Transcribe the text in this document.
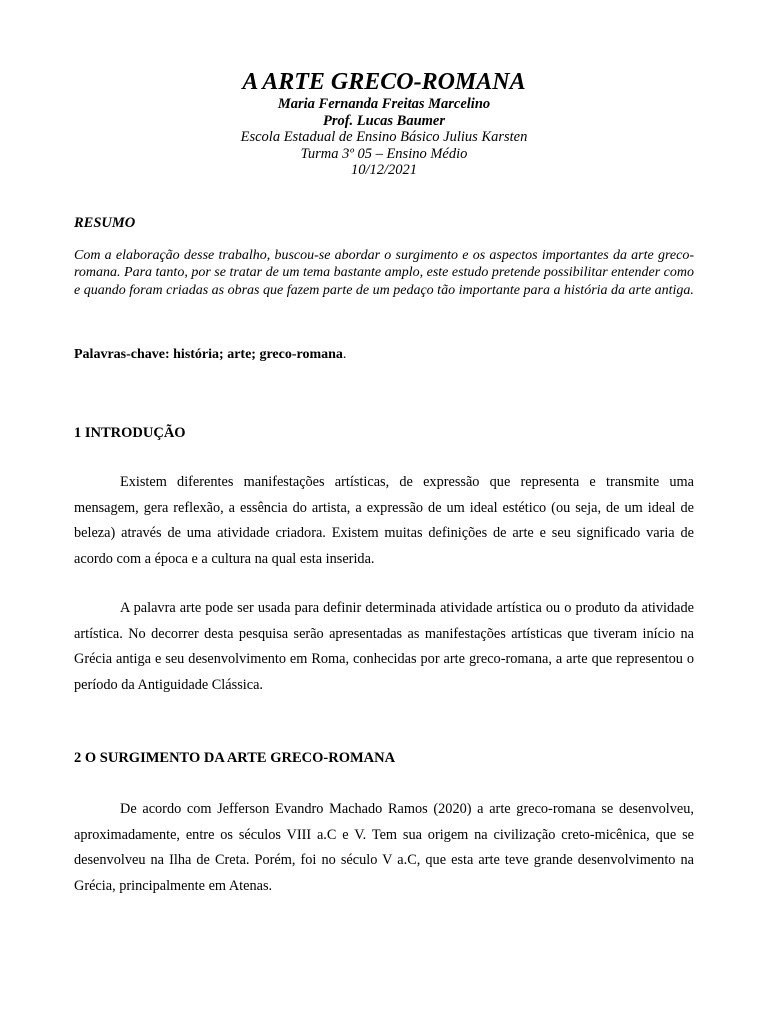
A ARTE GRECO-ROMANA
Maria Fernanda Freitas Marcelino
Prof. Lucas Baumer
Escola Estadual de Ensino Básico Julius Karsten
Turma 3º 05 – Ensino Médio
10/12/2021
RESUMO
Com a elaboração desse trabalho, buscou-se abordar o surgimento e os aspectos importantes da arte greco-romana. Para tanto, por se tratar de um tema bastante amplo, este estudo pretende possibilitar entender como e quando foram criadas as obras que fazem parte de um pedaço tão importante para a história da arte antiga.
Palavras-chave: história; arte; greco-romana.
1 INTRODUÇÃO
Existem diferentes manifestações artísticas, de expressão que representa e transmite uma mensagem, gera reflexão, a essência do artista, a expressão de um ideal estético (ou seja, de um ideal de beleza) através de uma atividade criadora. Existem muitas definições de arte e seu significado varia de acordo com a época e a cultura na qual esta inserida.
A palavra arte pode ser usada para definir determinada atividade artística ou o produto da atividade artística. No decorrer desta pesquisa serão apresentadas as manifestações artísticas que tiveram início na Grécia antiga e seu desenvolvimento em Roma, conhecidas por arte greco-romana, a arte que representou o período da Antiguidade Clássica.
2 O SURGIMENTO DA ARTE GRECO-ROMANA
De acordo com Jefferson Evandro Machado Ramos (2020) a arte greco-romana se desenvolveu, aproximadamente, entre os séculos VIII a.C e V. Tem sua origem na civilização creto-micênica, que se desenvolveu na Ilha de Creta. Porém, foi no século V a.C, que esta arte teve grande desenvolvimento na Grécia, principalmente em Atenas.
